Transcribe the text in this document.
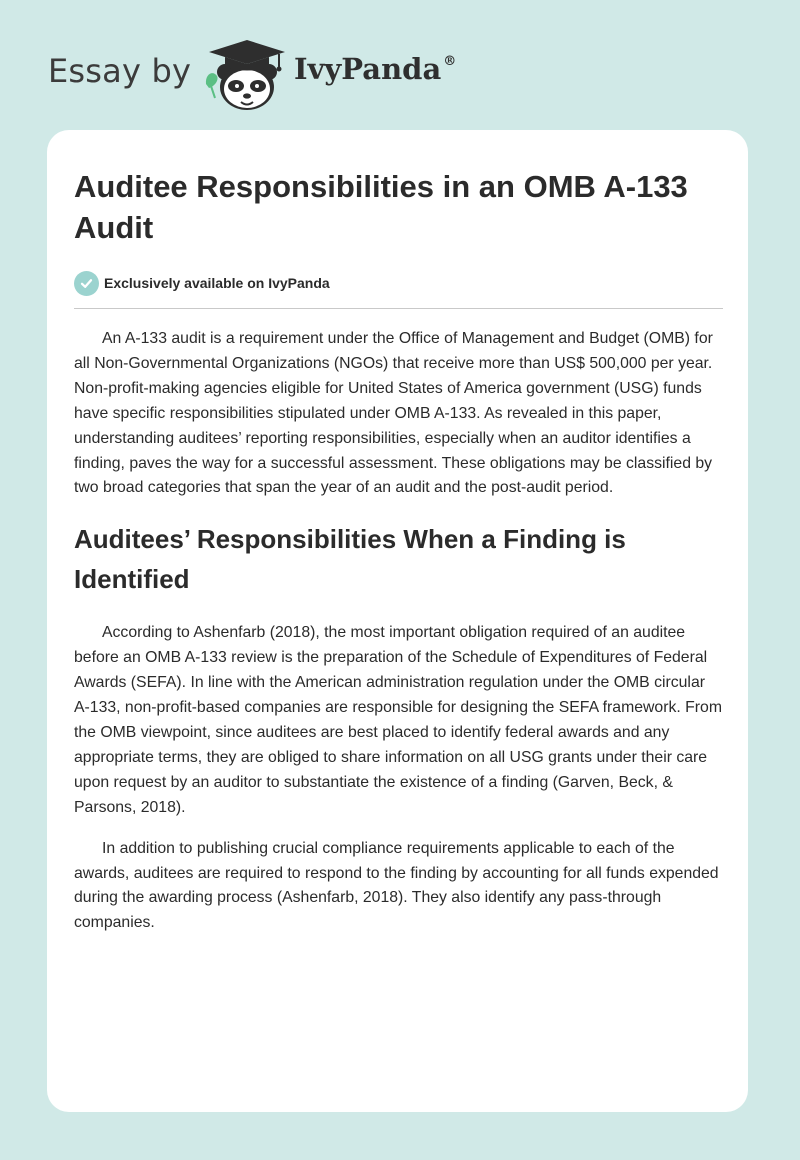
Essay by	IvyPanda ®
Auditee Responsibilities in an OMB A-133 Audit
Exclusively available on IvyPanda

An A-133 audit is a requirement under the Office of Management and Budget (OMB) for all Non-Governmental Organizations (NGOs) that receive more than US$ 500,000 per year. Non-profit-making agencies eligible for United States of America government (USG) funds have specific responsibilities stipulated under OMB A-133. As revealed in this paper, understanding auditees’ reporting responsibilities, especially when an auditor identifies a finding, paves the way for a successful assessment. These obligations may be classified by two broad categories that span the year of an audit and the post-audit period.

Auditees’ Responsibilities When a Finding is Identified

According to Ashenfarb (2018), the most important obligation required of an auditee before an OMB A-133 review is the preparation of the Schedule of Expenditures of Federal Awards (SEFA). In line with the American administration regulation under the OMB circular A-133, non-profit-based companies are responsible for designing the SEFA framework. From the OMB viewpoint, since auditees are best placed to identify federal awards and any appropriate terms, they are obliged to share information on all USG grants under their care upon request by an auditor to substantiate the existence of a finding (Garven, Beck, & Parsons, 2018).

In addition to publishing crucial compliance requirements applicable to each of the awards, auditees are required to respond to the finding by accounting for all funds expended during the awarding process (Ashenfarb, 2018). They also identify any pass-through companies.
